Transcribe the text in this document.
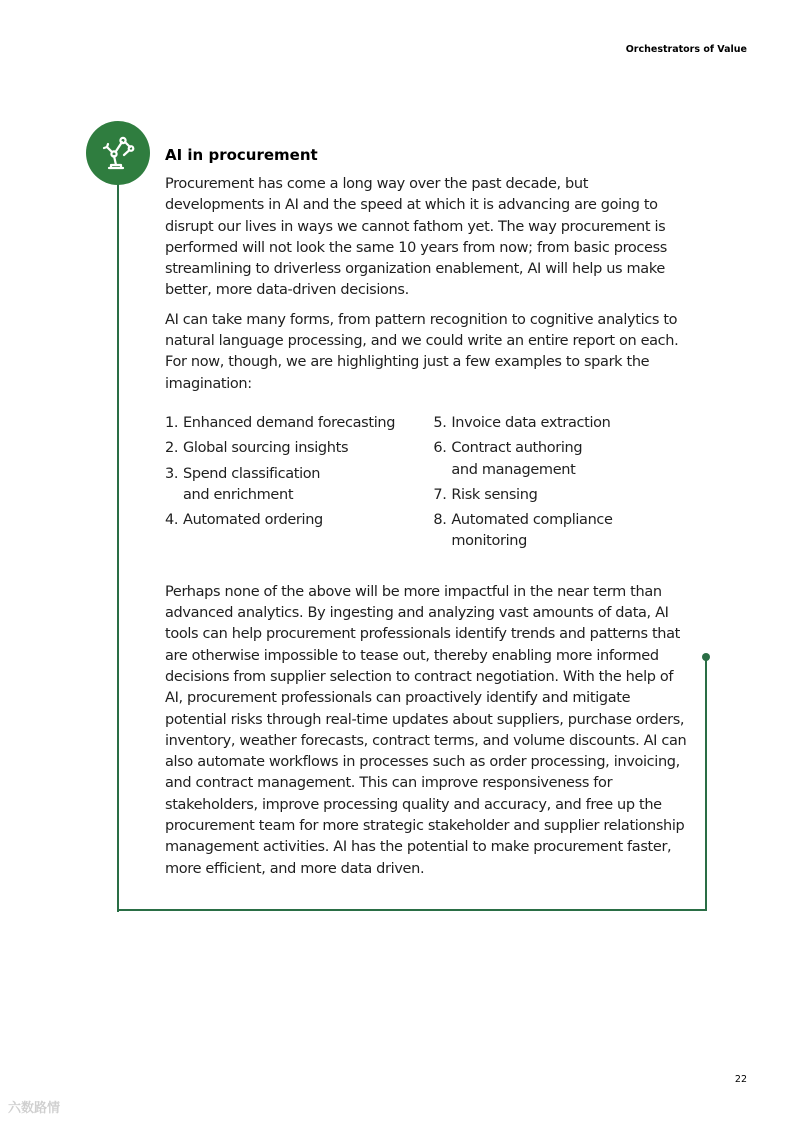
Orchestrators of Value
AI in procurement

Procurement has come a long way over the past decade, but developments in AI and the speed at which it is advancing are going to disrupt our lives in ways we cannot fathom yet. The way procurement is performed will not look the same 10 years from now; from basic process streamlining to driverless organization enablement, AI will help us make better, more data-driven decisions.

AI can take many forms, from pattern recognition to cognitive analytics to natural language processing, and we could write an entire report on each. For now, though, we are highlighting just a few examples to spark the imagination:

1. Enhanced demand forecasting
2. Global sourcing insights
3. Spend classification
and enrichment
4. Automated ordering
5. Invoice data extraction
6. Contract authoring
and management
7. Risk sensing
8. Automated compliance monitoring

Perhaps none of the above will be more impactful in the near term than advanced analytics. By ingesting and analyzing vast amounts of data, AI tools can help procurement professionals identify trends and patterns that are otherwise impossible to tease out, thereby enabling more informed decisions from supplier selection to contract negotiation. With the help of AI, procurement professionals can proactively identify and mitigate potential risks through real-time updates about suppliers, purchase orders, inventory, weather forecasts, contract terms, and volume discounts. AI can also automate workflows in processes such as order processing, invoicing, and contract management. This can improve responsiveness for stakeholders, improve processing quality and accuracy, and free up the procurement team for more strategic stakeholder and supplier relationship management activities. AI has the potential to make procurement faster, more efficient, and more data driven.

22
六数路情
